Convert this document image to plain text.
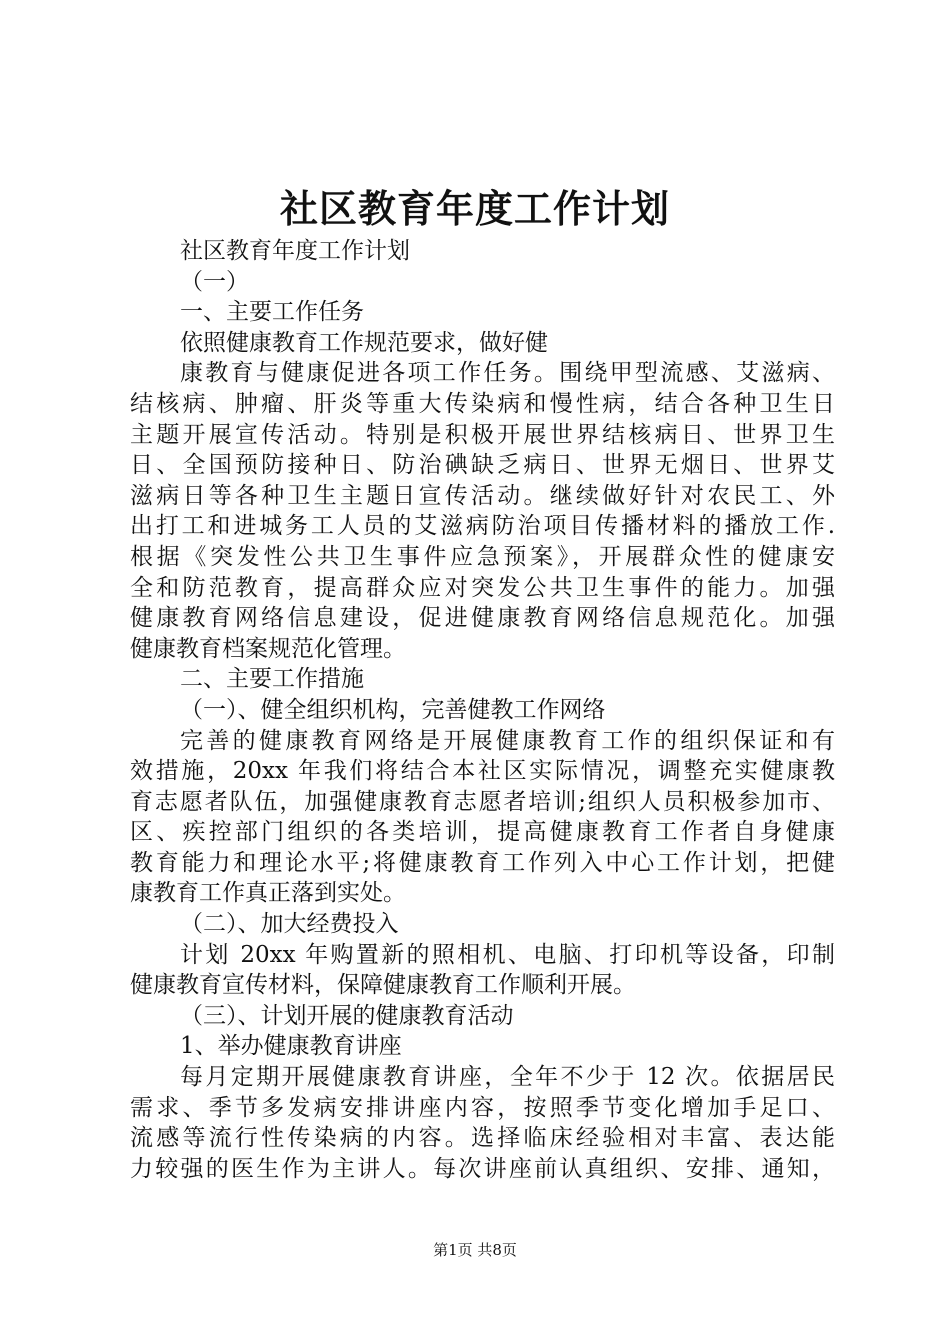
社区教育年度工作计划
社区教育年度工作计划
（一）
一、主要工作任务
依照健康教育工作规范要求，做好健
康教育与健康促进各项工作任务。围绕甲型流感、艾滋病、
结核病、肿瘤、肝炎等重大传染病和慢性病，结合各种卫生日
主题开展宣传活动。特别是积极开展世界结核病日、世界卫生
日、全国预防接种日、防治碘缺乏病日、世界无烟日、世界艾
滋病日等各种卫生主题日宣传活动。继续做好针对农民工、外
出打工和进城务工人员的艾滋病防治项目传播材料的播放工作.
根据《突发性公共卫生事件应急预案》，开展群众性的健康安
全和防范教育，提高群众应对突发公共卫生事件的能力。加强
健康教育网络信息建设，促进健康教育网络信息规范化。加强
健康教育档案规范化管理。
二、主要工作措施
（一）、健全组织机构，完善健教工作网络
完善的健康教育网络是开展健康教育工作的组织保证和有
效措施，20xx 年我们将结合本社区实际情况，调整充实健康教
育志愿者队伍，加强健康教育志愿者培训;组织人员积极参加市、
区、疾控部门组织的各类培训，提高健康教育工作者自身健康
教育能力和理论水平;将健康教育工作列入中心工作计划，把健
康教育工作真正落到实处。
（二）、加大经费投入
计划 20xx 年购置新的照相机、电脑、打印机等设备，印制
健康教育宣传材料，保障健康教育工作顺利开展。
（三）、计划开展的健康教育活动
1、举办健康教育讲座
每月定期开展健康教育讲座，全年不少于 12 次。依据居民
需求、季节多发病安排讲座内容，按照季节变化增加手足口、
流感等流行性传染病的内容。选择临床经验相对丰富、表达能
力较强的医生作为主讲人。每次讲座前认真组织、安排、通知，
第1页 共8页
